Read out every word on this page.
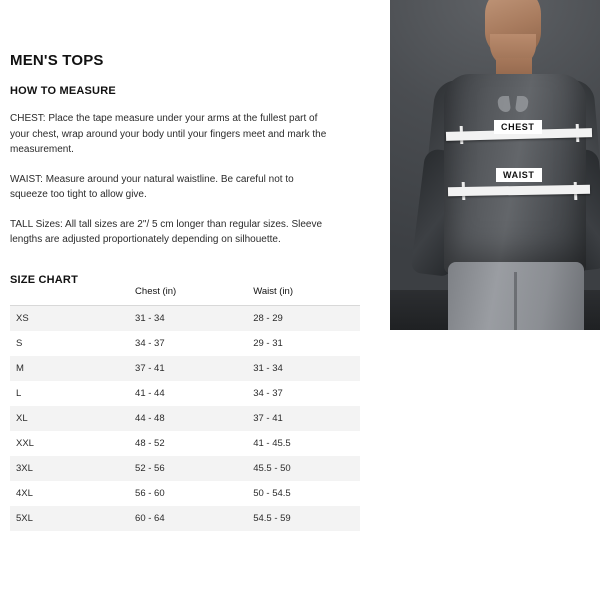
CHEST
WAIST
MEN'S TOPS
HOW TO MEASURE

CHEST: Place the tape measure under your arms at the fullest part of your chest, wrap around your body until your fingers meet and mark the measurement.

WAIST: Measure around your natural waistline. Be careful not to squeeze too tight to allow give.

TALL Sizes: All tall sizes are 2"/ 5 cm longer than regular sizes. Sleeve lengths are adjusted proportionately depending on silhouette.

SIZE CHART
	Chest (in)	Waist (in)
XS	31 - 34	28 - 29
S	34 - 37	29 - 31
M	37 - 41	31 - 34
L	41 - 44	34 - 37
XL	44 - 48	37 - 41
XXL	48 - 52	41 - 45.5
3XL	52 - 56	45.5 - 50
4XL	56 - 60	50 - 54.5
5XL	60 - 64	54.5 - 59
